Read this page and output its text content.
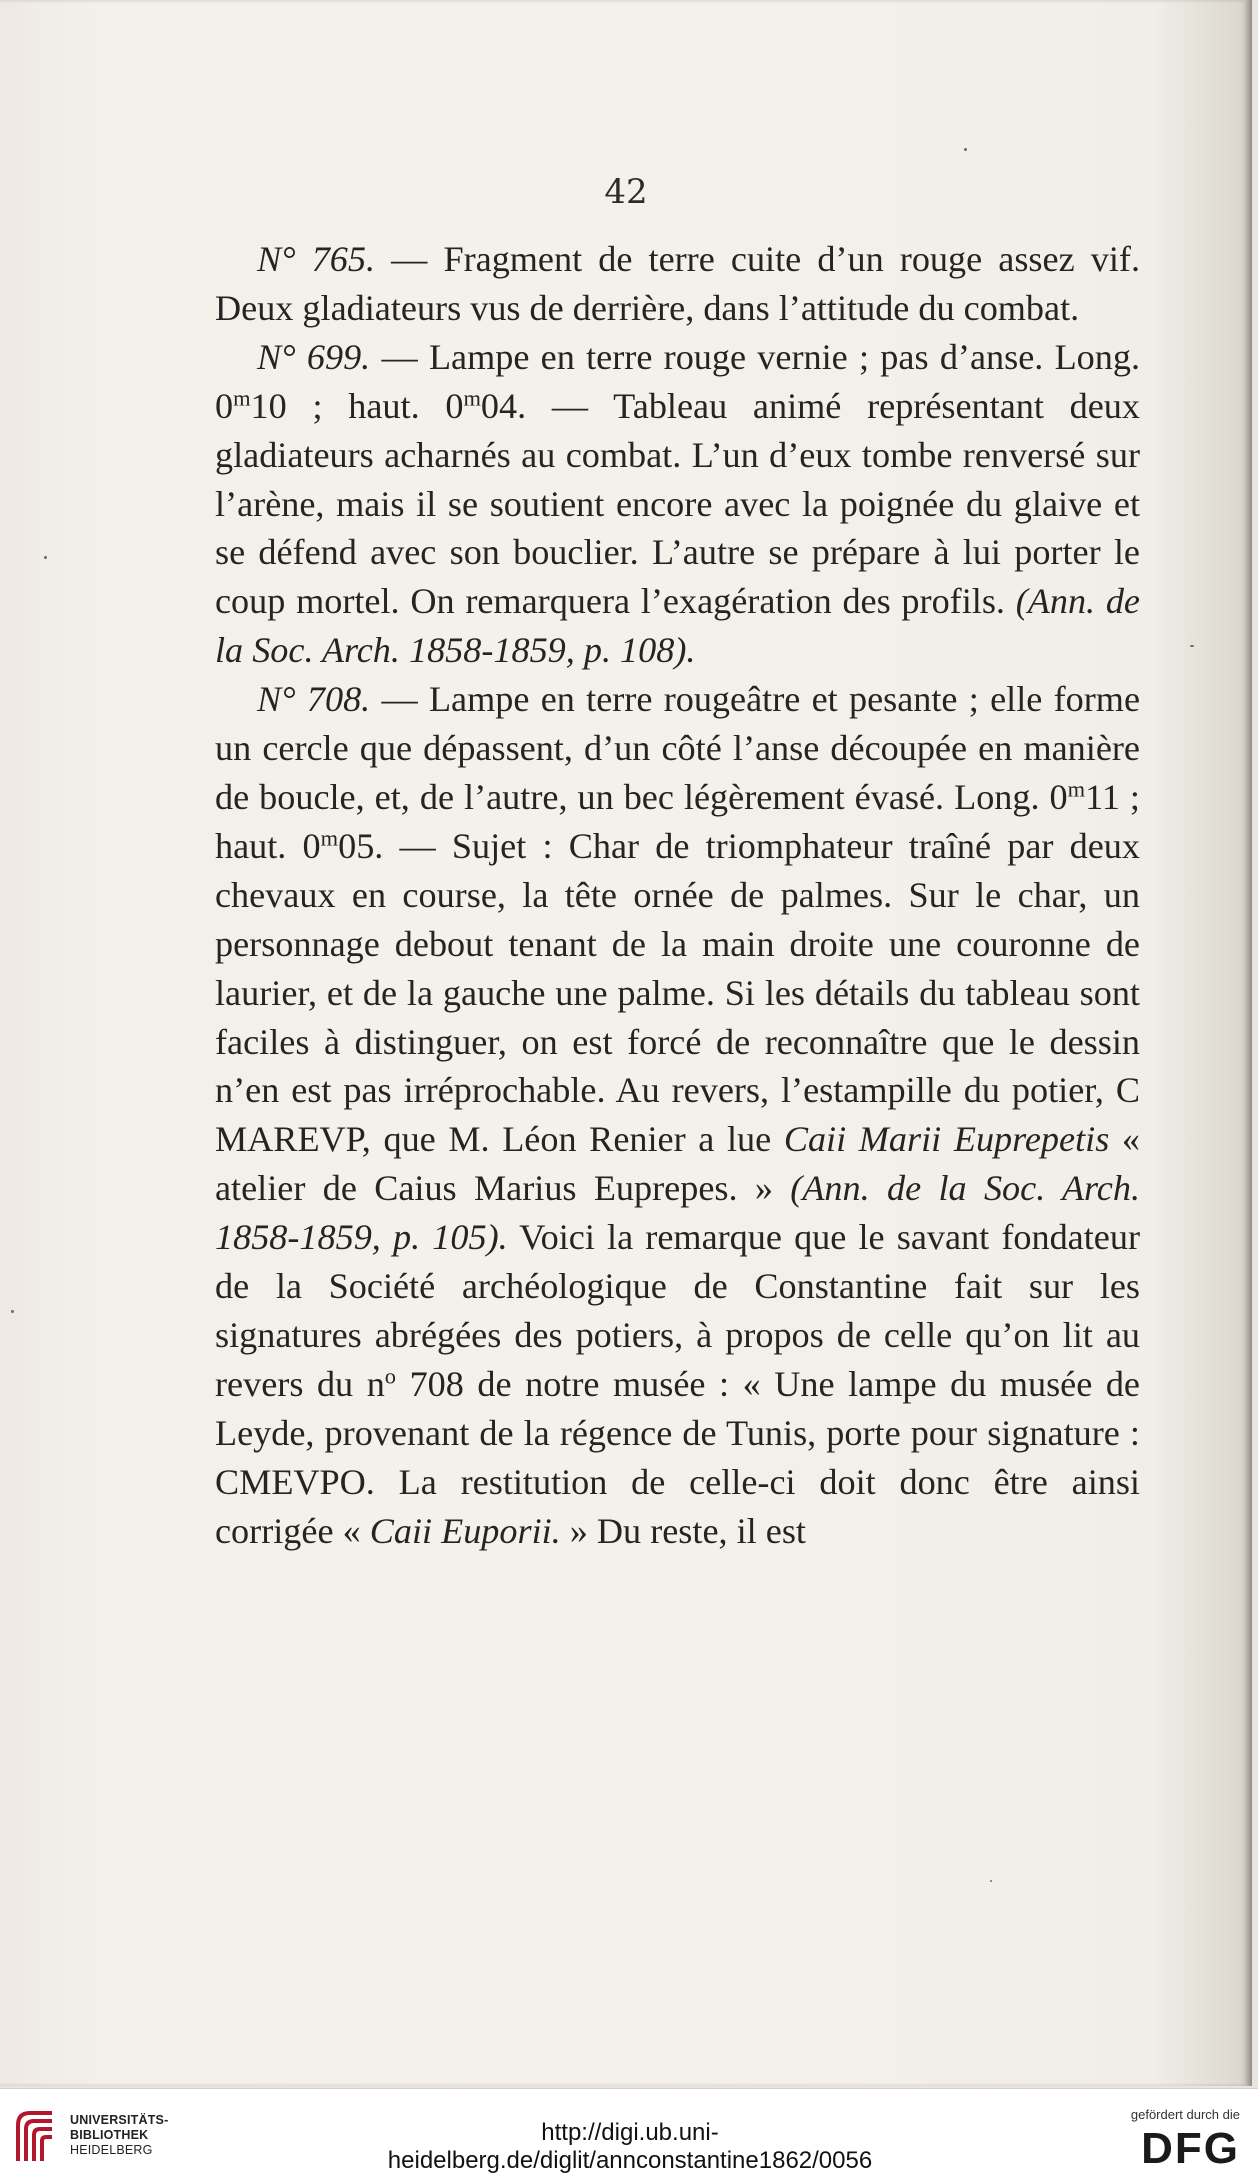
42

N° 765. — Fragment de terre cuite d’un rouge assez vif. Deux gladiateurs vus de derrière, dans l’attitude du combat.

N° 699. — Lampe en terre rouge vernie ; pas d’anse. Long. 0$^m$10 ; haut. 0$^m$04. — Tableau animé représentant deux gladiateurs acharnés au combat. L’un d’eux tombe renversé sur l’arène, mais il se soutient encore avec la poignée du glaive et se défend avec son bouclier. L’autre se prépare à lui porter le coup mortel. On remarquera l’exagération des profils. (Ann. de la Soc. Arch. 1858-1859, p. 108).

N° 708. — Lampe en terre rougeâtre et pesante ; elle forme un cercle que dépassent, d’un côté l’anse découpée en manière de boucle, et, de l’autre, un bec légèrement évasé. Long. 0$^m$11 ; haut. 0$^m$05. — Sujet : Char de triomphateur traîné par deux chevaux en course, la tête ornée de palmes. Sur le char, un personnage debout tenant de la main droite une couronne de laurier, et de la gauche une palme. Si les détails du tableau sont faciles à distinguer, on est forcé de reconnaître que le dessin n’en est pas irréprochable. Au revers, l’estampille du potier, C MAREVP, que M. Léon Renier a lue Caii Marii Euprepetis « atelier de Caius Marius Euprepes. » (Ann. de la Soc. Arch. 1858-1859, p. 105). Voici la remarque que le savant fondateur de la Société archéologique de Constantine fait sur les signatures abrégées des potiers, à propos de celle qu’on lit au revers du $n^o$ 708 de notre musée : « Une lampe du musée de Leyde, provenant de la régence de Tunis, porte pour signature : CMEVPO. La restitution de celle-ci doit donc être ainsi corrigée « Caii Euporii. » Du reste, il est

UNIVERSITÄTS-
BIBLIOTHEK
HEIDELBERG
http://digi.ub.uni-heidelberg.de/diglit/annconstantine1862/0056
gefördert durch die
DFG
